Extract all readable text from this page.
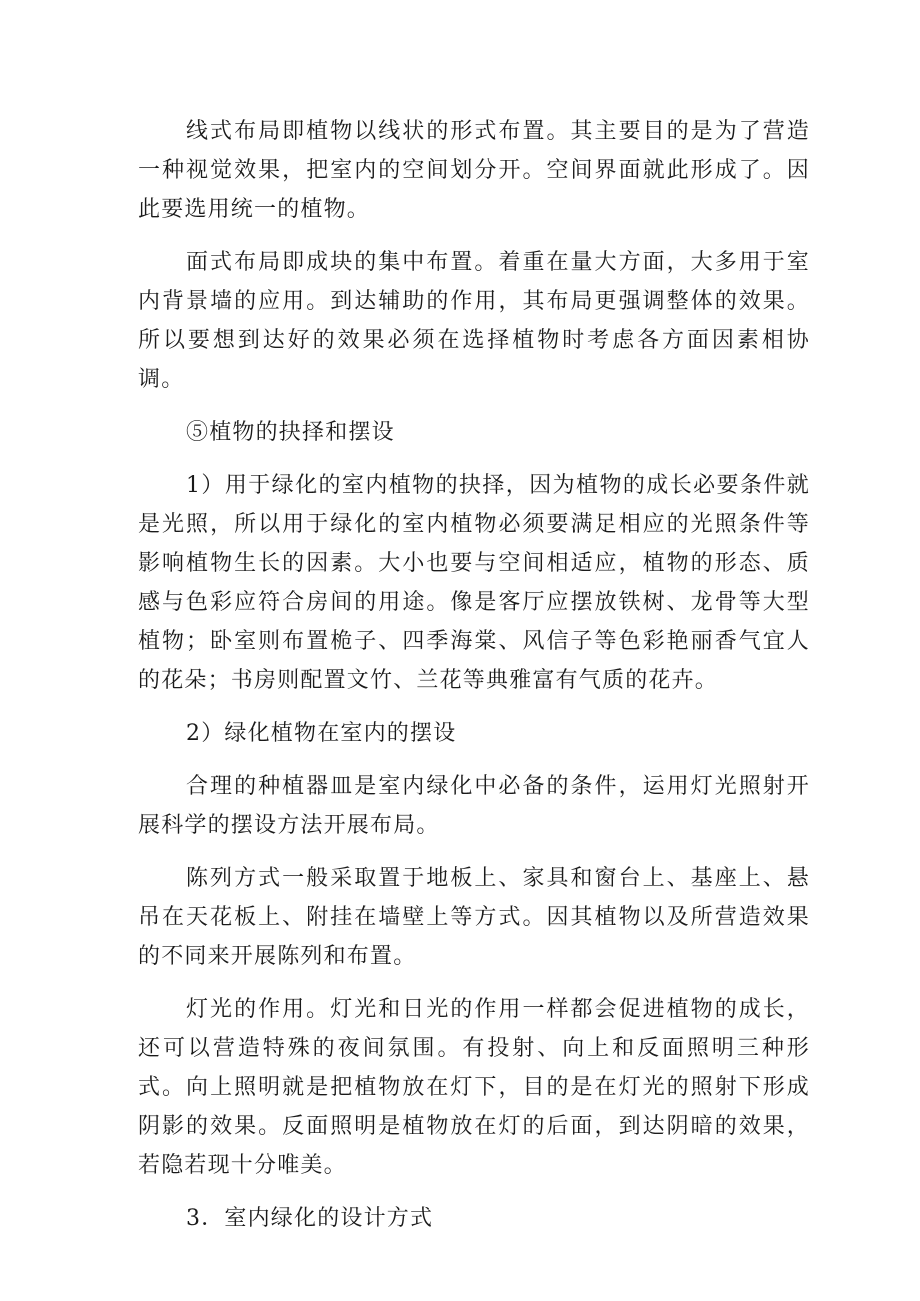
线式布局即植物以线状的形式布置。其主要目的是为了营造一种视觉效果，把室内的空间划分开。空间界面就此形成了。因此要选用统一的植物。

面式布局即成块的集中布置。着重在量大方面，大多用于室内背景墙的应用。到达辅助的作用，其布局更强调整体的效果。所以要想到达好的效果必须在选择植物时考虑各方面因素相协调。

⑤植物的抉择和摆设

1）用于绿化的室内植物的抉择，因为植物的成长必要条件就是光照，所以用于绿化的室内植物必须要满足相应的光照条件等影响植物生长的因素。大小也要与空间相适应，植物的形态、质感与色彩应符合房间的用途。像是客厅应摆放铁树、龙骨等大型植物；卧室则布置桅子、四季海棠、风信子等色彩艳丽香气宜人的花朵；书房则配置文竹、兰花等典雅富有气质的花卉。

2）绿化植物在室内的摆设

合理的种植器皿是室内绿化中必备的条件，运用灯光照射开展科学的摆设方法开展布局。

陈列方式一般采取置于地板上、家具和窗台上、基座上、悬吊在天花板上、附挂在墙壁上等方式。因其植物以及所营造效果的不同来开展陈列和布置。

灯光的作用。灯光和日光的作用一样都会促进植物的成长，还可以营造特殊的夜间氛围。有投射、向上和反面照明三种形式。向上照明就是把植物放在灯下，目的是在灯光的照射下形成阴影的效果。反面照明是植物放在灯的后面，到达阴暗的效果，若隐若现十分唯美。

3．室内绿化的设计方式
